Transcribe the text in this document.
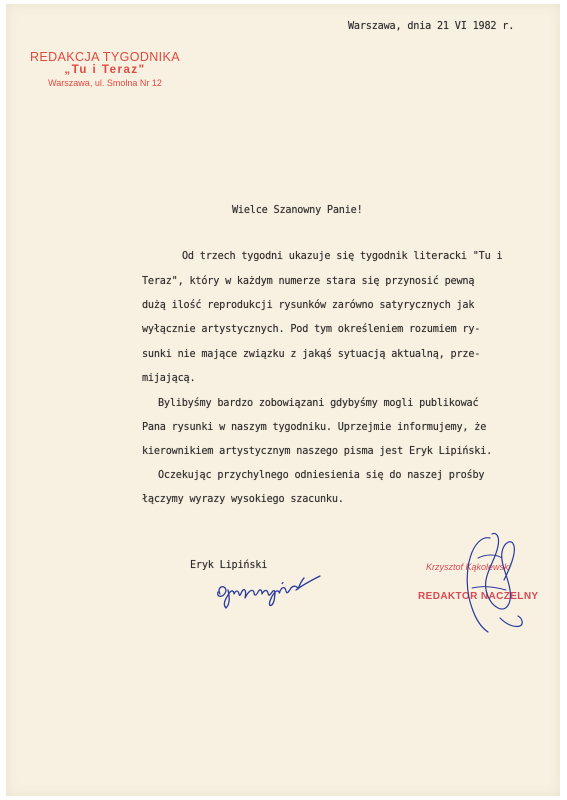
Warszawa, dnia 21 VI 1982 r.
REDAKCJA TYGODNIKA
„Tu i Teraz"
Warszawa, ul. Smolna Nr 12
Wielce Szanowny Panie!
Od trzech tygodni ukazuje się tygodnik literacki "Tu i
Teraz", który w każdym numerze stara się przynosić pewną
dużą ilość reprodukcji rysunków zarówno satyrycznych jak
wyłącznie artystycznych. Pod tym określeniem rozumiem ry-
sunki nie mające związku z jakąś sytuacją aktualną, prze-
mijającą.
Bylibyśmy bardzo zobowiązani gdybyśmy mogli publikować
Pana rysunki w naszym tygodniku. Uprzejmie informujemy, że
kierownikiem artystycznym naszego pisma jest Eryk Lipiński.
Oczekując przychylnego odniesienia się do naszej prośby
łączymy wyrazy wysokiego szacunku.
Eryk Lipiński	Krzysztof Kąkolewski
REDAKTOR NACZELNY
